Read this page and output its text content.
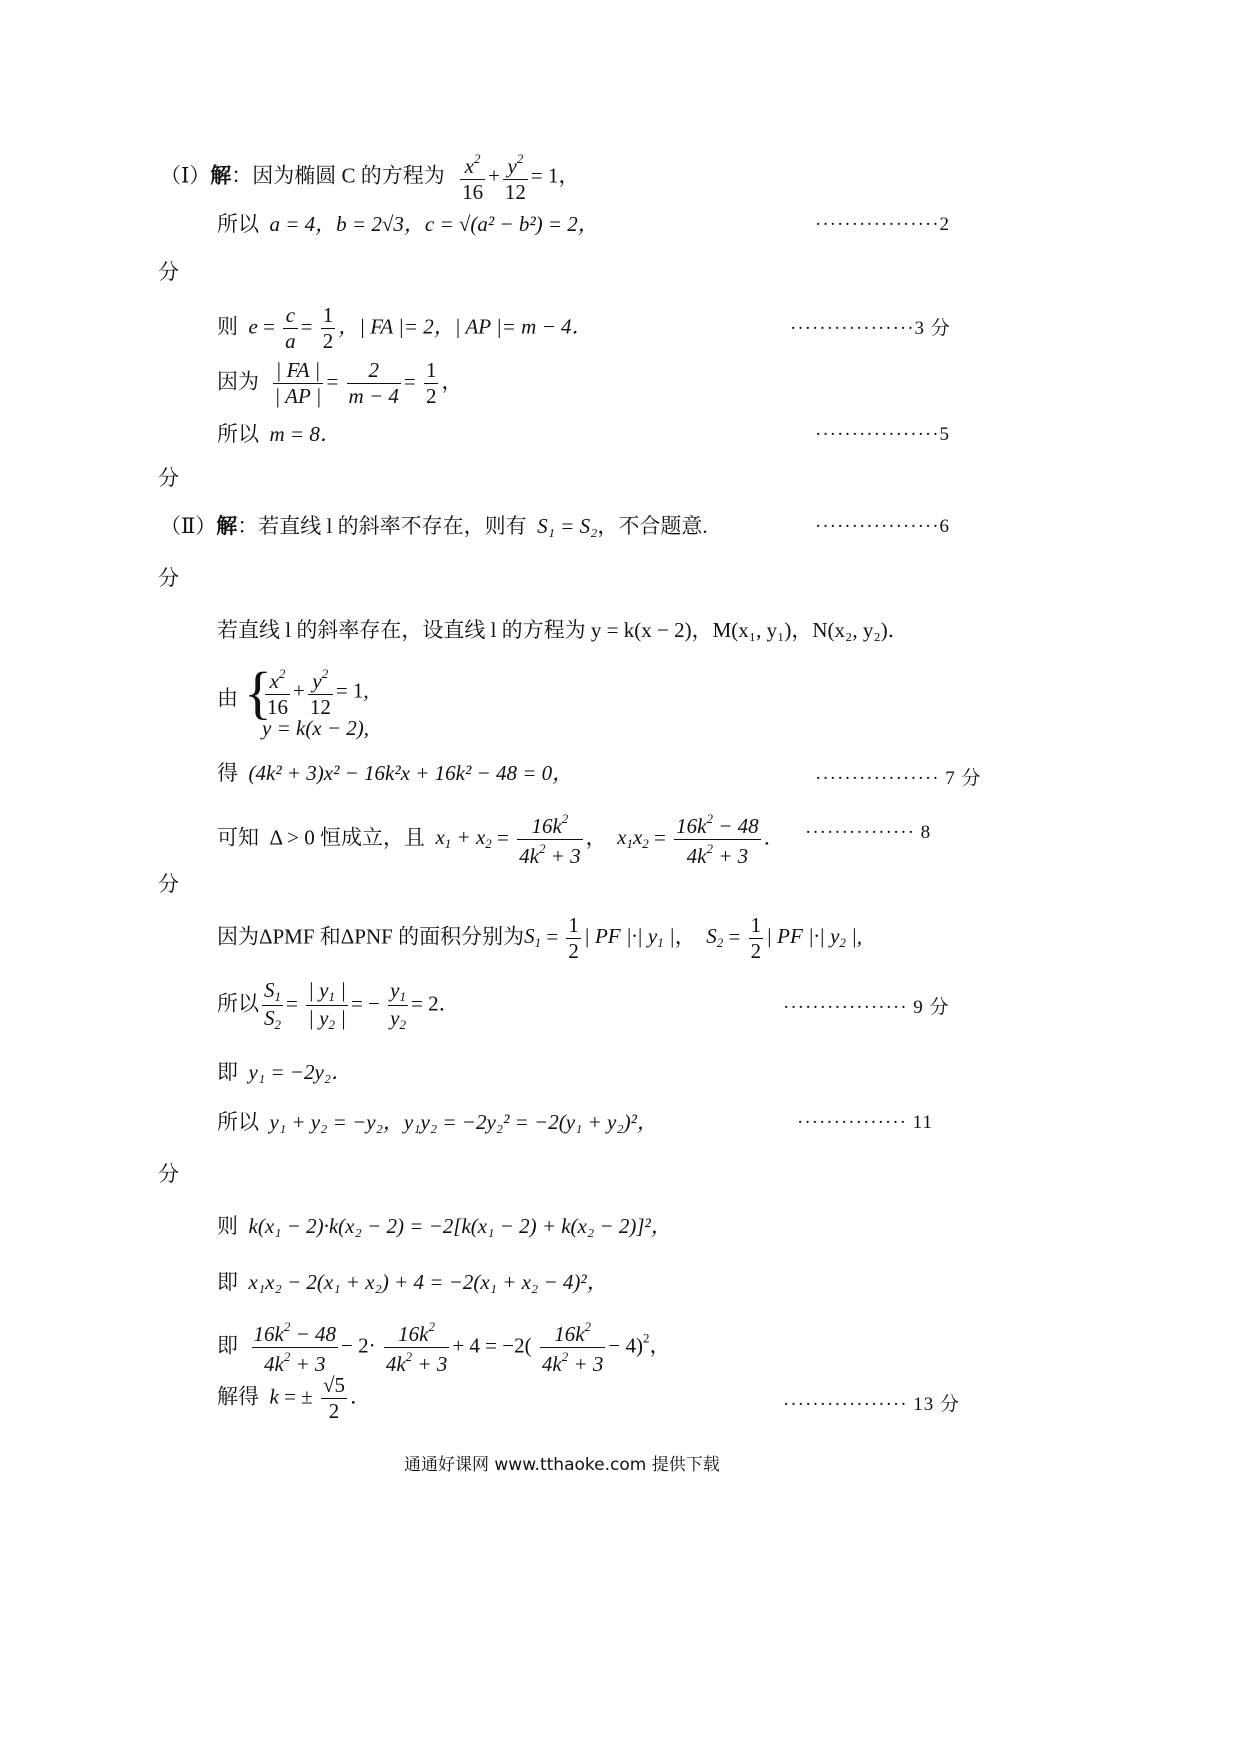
（Ⅰ）解：因为椭圆 C 的方程为 $\frac{x^2}{16} + \frac{y^2}{12} = 1$，
所以 a = 4，b = 2√3，c = √(a² − b²) = 2，	·················2
分
则 $e = \frac{c}{a} = \frac{1}{2}$ ，| FA |= 2，| AP |= m − 4．	·················3 分
因为 $\frac{| FA |}{| AP |} = \frac{2}{m - 4} = \frac{1}{2}$ ，
所以 m = 8．	·················5
分
（Ⅱ）解：若直线 l 的斜率不存在，则有 S₁ = S₂，不合题意.	·················6
分
若直线 l 的斜率存在，设直线 l 的方程为 y = k(x − 2)，M(x₁, y₁)，N(x₂, y₂)．
由 {
$\frac{x^2}{16} + \frac{y^2}{12} = 1$,
y = k(x − 2),
得 (4k² + 3)x² − 16k²x + 16k² − 48 = 0，	················· 7 分
可知 Δ > 0 恒成立，且 $x_1 + x_2 = \frac{16k^2}{4k^2 + 3}$ ，  $x_1x_2 = \frac{16k^2 - 48}{4k^2 + 3}$ ． ··············· 8
分
因为ΔPMF 和ΔPNF 的面积分别为$S_1 = \frac{1}{2}$ | PF |·| $y_1$ |，  $S_2 = \frac{1}{2}$ | PF |·| $y_2$ |,
所以 $\frac{S_1}{S_2} = \frac{| y_1 |}{| y_2 |}$ = − $\frac{y_1}{y_2} = 2$．	················· 9 分
即 y₁ = −2y₂．
所以 y₁ + y₂ = −y₂，y₁y₂ = −2y₂² = −2(y₁ + y₂)²，	··············· 11
分
则 k(x₁ − 2)·k(x₂ − 2) = −2[k(x₁ − 2) + k(x₂ − 2)]²，
即 x₁x₂ − 2(x₁ + x₂) + 4 = −2(x₁ + x₂ − 4)²，
即 $\frac{16k^2 - 48}{4k^2 + 3} - 2\cdot \frac{16k^2}{4k^2 + 3} + 4 = -2( \frac{16k^2}{4k^2 + 3} - 4)^2$，
解得 k = ± $\frac{√5}{2}$ ．	················· 13 分
通通好课网 www.tthaoke.com 提供下载
